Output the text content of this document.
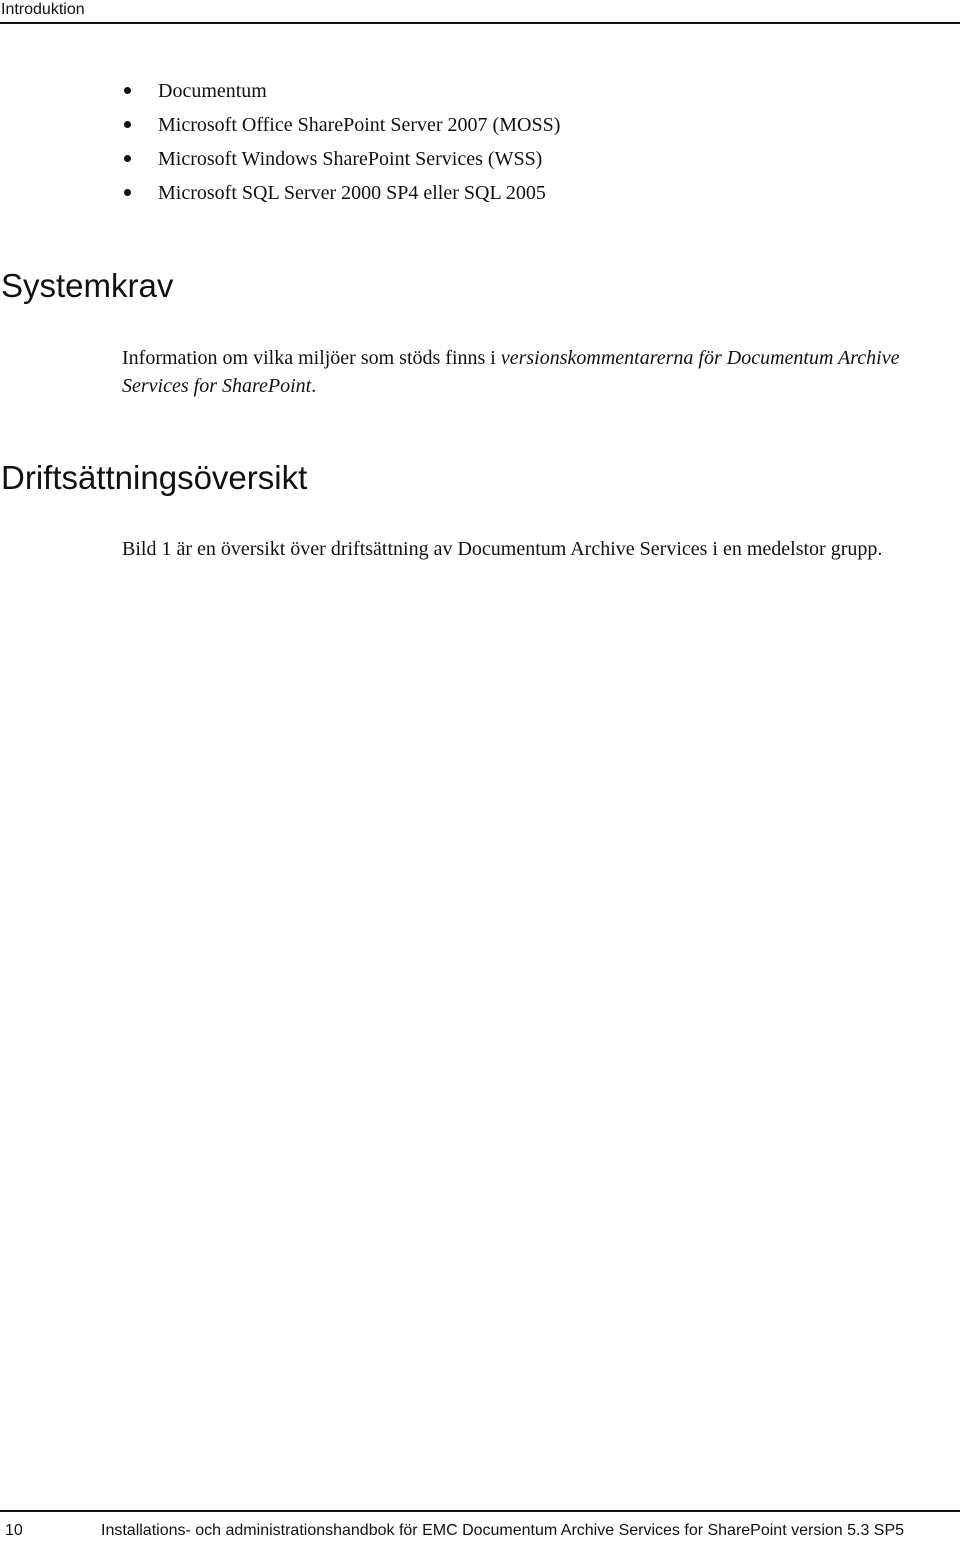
Introduktion
Documentum
Microsoft Office SharePoint Server 2007 (MOSS)
Microsoft Windows SharePoint Services (WSS)
Microsoft SQL Server 2000 SP4 eller SQL 2005
Systemkrav

Information om vilka miljöer som stöds finns i versionskommentarerna för Documentum Archive Services for SharePoint.

Driftsättningsöversikt

Bild 1 är en översikt över driftsättning av Documentum Archive Services i en medelstor grupp.

10	Installations- och administrationshandbok för EMC Documentum Archive Services for SharePoint version 5.3 SP5
